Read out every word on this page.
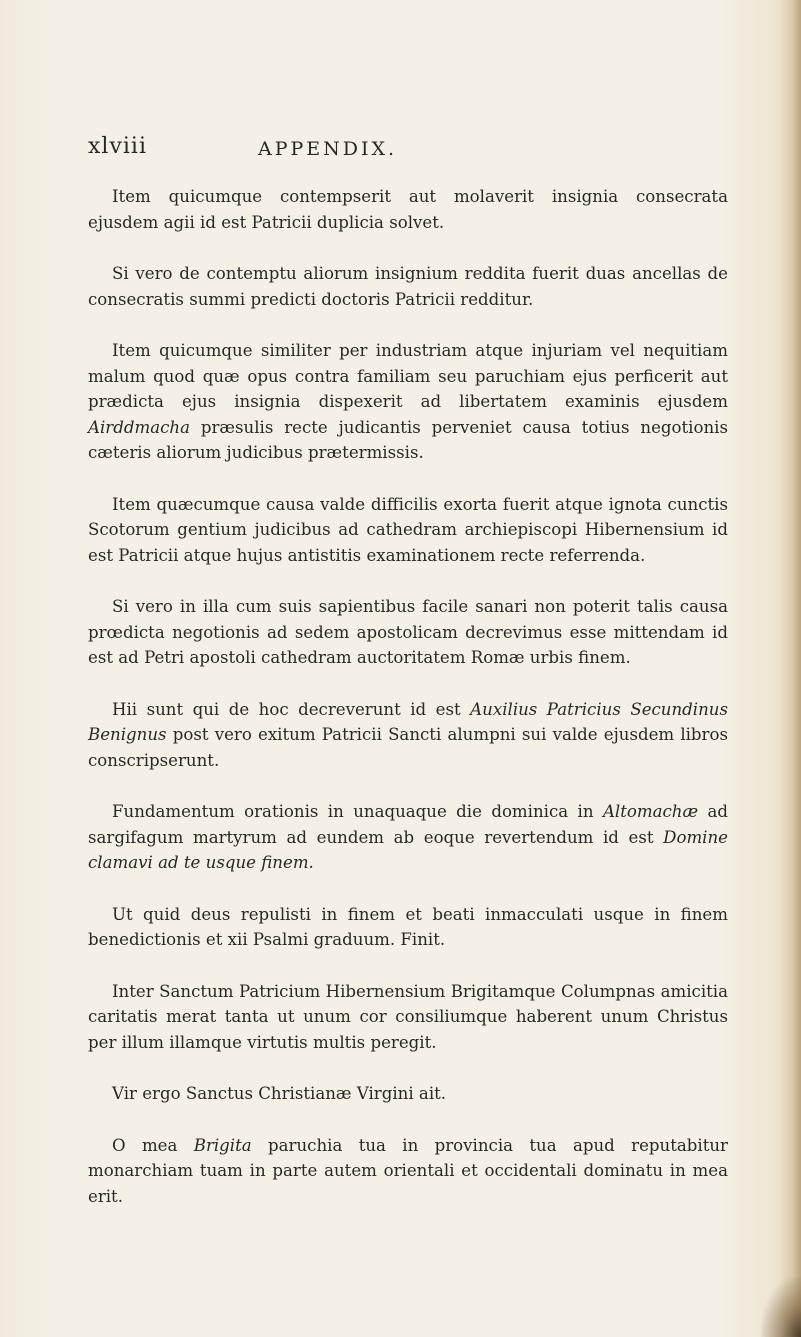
xlviii	APPENDIX.

Item quicumque contempserit aut molaverit insignia consecrata ejusdem agii id est Patricii duplicia solvet.

Si vero de contemptu aliorum insignium reddita fuerit duas ancellas de consecratis summi predicti doctoris Patricii redditur.

Item quicumque similiter per industriam atque injuriam vel nequitiam malum quod quæ opus contra familiam seu paruchiam ejus perficerit aut prædicta ejus insignia dispexerit ad libertatem examinis ejusdem Airddmacha præsulis recte judicantis perveniet causa totius negotionis cæteris aliorum judicibus prætermissis.

Item quæcumque causa valde difficilis exorta fuerit atque ignota cunctis Scotorum gentium judicibus ad cathedram archiepiscopi Hibernensium id est Patricii atque hujus antistitis examinationem recte referrenda.

Si vero in illa cum suis sapientibus facile sanari non poterit talis causa prœdicta negotionis ad sedem apostolicam decrevimus esse mittendam id est ad Petri apostoli cathedram auctoritatem Romæ urbis finem.

Hii sunt qui de hoc decreverunt id est Auxilius Patricius Secundinus Benignus post vero exitum Patricii Sancti alumpni sui valde ejusdem libros conscripserunt.

Fundamentum orationis in unaquaque die dominica in Altomachæ ad sargifagum martyrum ad eundem ab eoque revertendum id est Domine clamavi ad te usque finem.

Ut quid deus repulisti in finem et beati inmacculati usque in finem benedictionis et xii Psalmi graduum. Finit.

Inter Sanctum Patricium Hibernensium Brigitamque Columpnas amicitia caritatis merat tanta ut unum cor consiliumque haberent unum Christus per illum illamque virtutis multis peregit.

Vir ergo Sanctus Christianæ Virgini ait.

O mea Brigita paruchia tua in provincia tua apud reputabitur monarchiam tuam in parte autem orientali et occidentali dominatu in mea erit.
